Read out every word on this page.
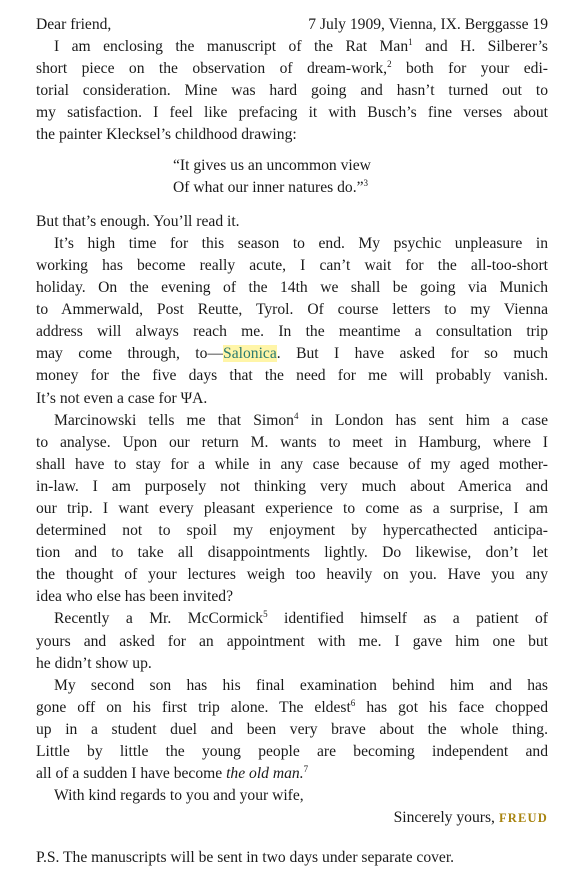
Dear friend,	7 July 1909, Vienna, IX. Berggasse 19
I am enclosing the manuscript of the Rat Man$^1$ and H. Silberer’s
short piece on the observation of dream-work,$^2$ both for your edi-
torial consideration. Mine was hard going and hasn’t turned out to
my satisfaction. I feel like prefacing it with Busch’s fine verses about
the painter Klecksel’s childhood drawing:
“It gives us an uncommon view
Of what our inner natures do.”$^3$

But that’s enough. You’ll read it.

It’s high time for this season to end. My psychic unpleasure in
working has become really acute, I can’t wait for the all-too-short
holiday. On the evening of the 14th we shall be going via Munich
to Ammerwald, Post Reutte, Tyrol. Of course letters to my Vienna
address will always reach me. In the meantime a consultation trip
may come through, to—Salonica. But I have asked for so much
money for the five days that the need for me will probably vanish.
It’s not even a case for ΨA.
Marcinowski tells me that Simon$^4$ in London has sent him a case
to analyse. Upon our return M. wants to meet in Hamburg, where I
shall have to stay for a while in any case because of my aged mother-
in-law. I am purposely not thinking very much about America and
our trip. I want every pleasant experience to come as a surprise, I am
determined not to spoil my enjoyment by hypercathected anticipa-
tion and to take all disappointments lightly. Do likewise, don’t let
the thought of your lectures weigh too heavily on you. Have you any
idea who else has been invited?
Recently a Mr. McCormick$^5$ identified himself as a patient of
yours and asked for an appointment with me. I gave him one but
he didn’t show up.
My second son has his final examination behind him and has
gone off on his first trip alone. The eldest$^6$ has got his face chopped
up in a student duel and been very brave about the whole thing.
Little by little the young people are becoming independent and
all of a sudden I have become the old man.$^7$
With kind regards to you and your wife,
Sincerely yours, FREUD

P.S. The manuscripts will be sent in two days under separate cover.
